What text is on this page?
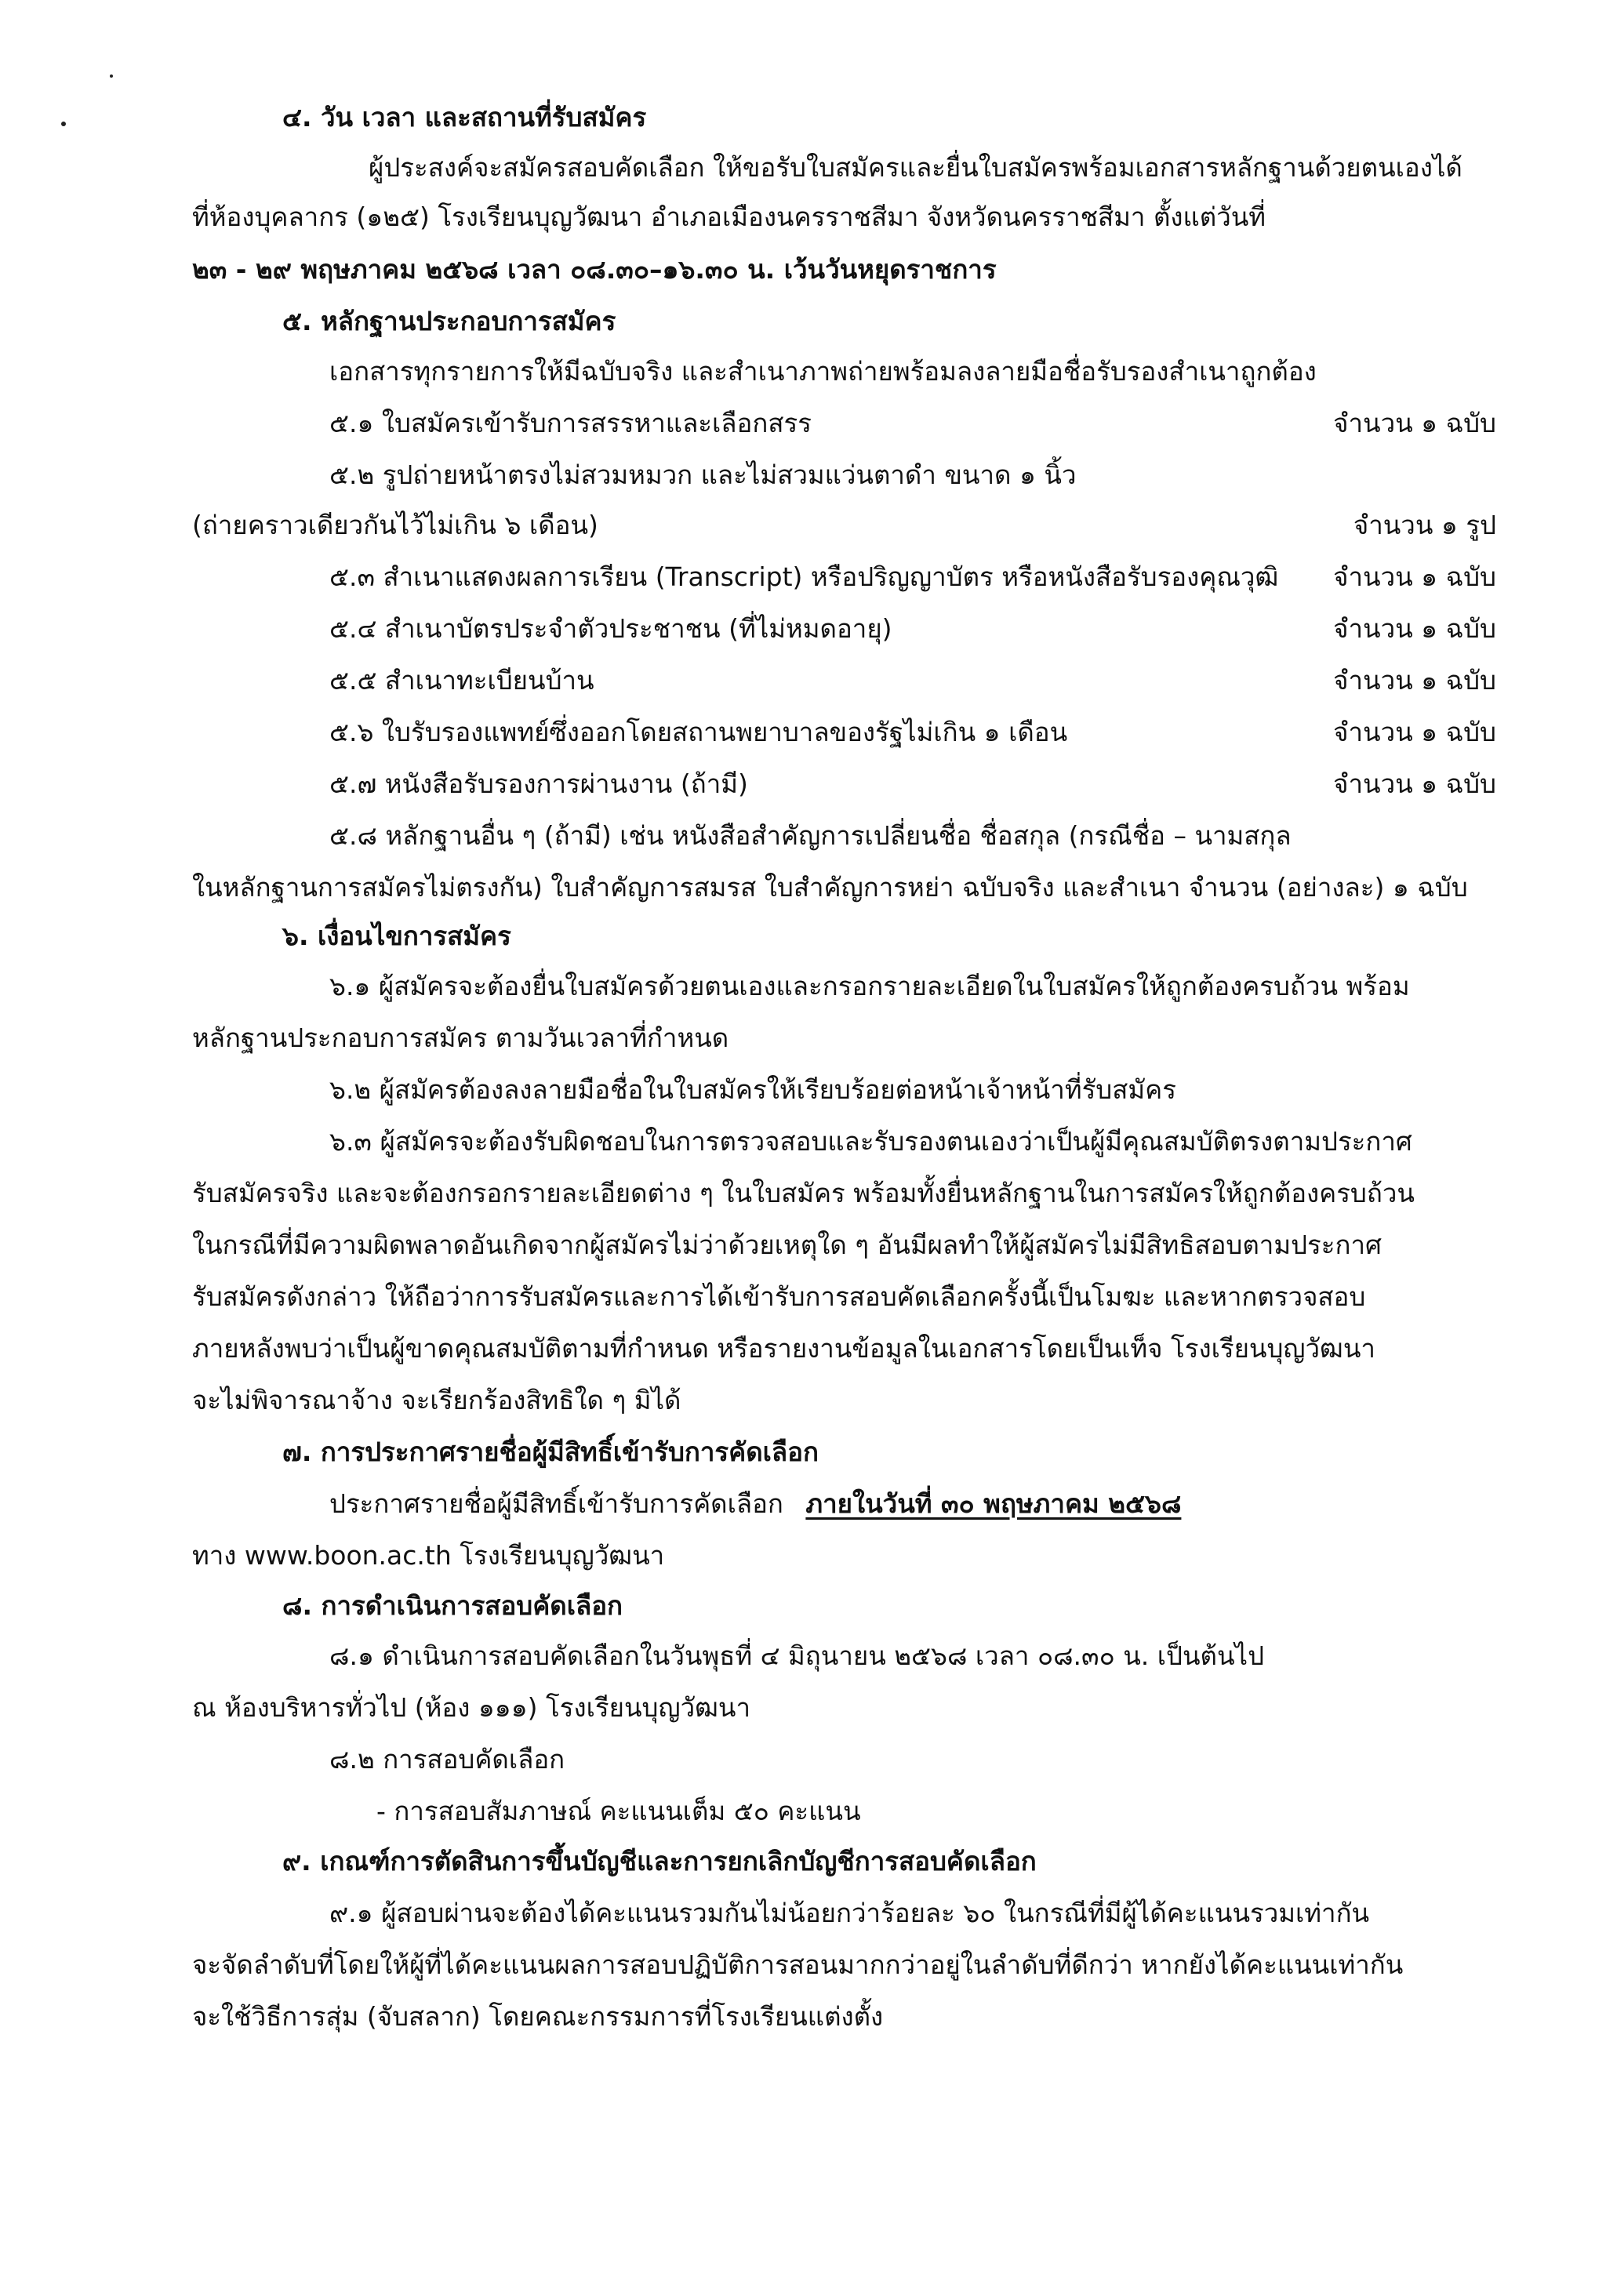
๔. วัน เวลา และสถานที่รับสมัคร
ผู้ประสงค์จะสมัครสอบคัดเลือก ให้ขอรับใบสมัครและยื่นใบสมัครพร้อมเอกสารหลักฐานด้วยตนเองได้
ที่ห้องบุคลากร (๑๒๕) โรงเรียนบุญวัฒนา อำเภอเมืองนครราชสีมา จังหวัดนครราชสีมา ตั้งแต่วันที่
๒๓ - ๒๙ พฤษภาคม ๒๕๖๘ เวลา ๐๘.๓๐–๑๖.๓๐ น. เว้นวันหยุดราชการ
๕. หลักฐานประกอบการสมัคร
เอกสารทุกรายการให้มีฉบับจริง และสำเนาภาพถ่ายพร้อมลงลายมือชื่อรับรองสำเนาถูกต้อง
๕.๑ ใบสมัครเข้ารับการสรรหาและเลือกสรร	จำนวน ๑ ฉบับ
๕.๒ รูปถ่ายหน้าตรงไม่สวมหมวก และไม่สวมแว่นตาดำ ขนาด ๑ นิ้ว
(ถ่ายคราวเดียวกันไว้ไม่เกิน ๖ เดือน)	จำนวน ๑ รูป
๕.๓ สำเนาแสดงผลการเรียน (Transcript) หรือปริญญาบัตร หรือหนังสือรับรองคุณวุฒิ จำนวน ๑ ฉบับ
๕.๔ สำเนาบัตรประจำตัวประชาชน (ที่ไม่หมดอายุ)	จำนวน ๑ ฉบับ
๕.๕ สำเนาทะเบียนบ้าน	จำนวน ๑ ฉบับ
๕.๖ ใบรับรองแพทย์ซึ่งออกโดยสถานพยาบาลของรัฐไม่เกิน ๑ เดือน	จำนวน ๑ ฉบับ
๕.๗ หนังสือรับรองการผ่านงาน (ถ้ามี)	จำนวน ๑ ฉบับ
๕.๘ หลักฐานอื่น ๆ (ถ้ามี) เช่น หนังสือสำคัญการเปลี่ยนชื่อ ชื่อสกุล (กรณีชื่อ – นามสกุล
ในหลักฐานการสมัครไม่ตรงกัน) ใบสำคัญการสมรส ใบสำคัญการหย่า ฉบับจริง และสำเนา จำนวน (อย่างละ) ๑ ฉบับ
๖. เงื่อนไขการสมัคร
๖.๑ ผู้สมัครจะต้องยื่นใบสมัครด้วยตนเองและกรอกรายละเอียดในใบสมัครให้ถูกต้องครบถ้วน พร้อม
หลักฐานประกอบการสมัคร ตามวันเวลาที่กำหนด
๖.๒ ผู้สมัครต้องลงลายมือชื่อในใบสมัครให้เรียบร้อยต่อหน้าเจ้าหน้าที่รับสมัคร
๖.๓ ผู้สมัครจะต้องรับผิดชอบในการตรวจสอบและรับรองตนเองว่าเป็นผู้มีคุณสมบัติตรงตามประกาศ
รับสมัครจริง และจะต้องกรอกรายละเอียดต่าง ๆ ในใบสมัคร พร้อมทั้งยื่นหลักฐานในการสมัครให้ถูกต้องครบถ้วน
ในกรณีที่มีความผิดพลาดอันเกิดจากผู้สมัครไม่ว่าด้วยเหตุใด ๆ อันมีผลทำให้ผู้สมัครไม่มีสิทธิสอบตามประกาศ
รับสมัครดังกล่าว ให้ถือว่าการรับสมัครและการได้เข้ารับการสอบคัดเลือกครั้งนี้เป็นโมฆะ และหากตรวจสอบ
ภายหลังพบว่าเป็นผู้ขาดคุณสมบัติตามที่กำหนด หรือรายงานข้อมูลในเอกสารโดยเป็นเท็จ โรงเรียนบุญวัฒนา
จะไม่พิจารณาจ้าง จะเรียกร้องสิทธิใด ๆ มิได้
๗. การประกาศรายชื่อผู้มีสิทธิ์เข้ารับการคัดเลือก
ประกาศรายชื่อผู้มีสิทธิ์เข้ารับการคัดเลือก ภายในวันที่ ๓๐ พฤษภาคม ๒๕๖๘
ทาง www.boon.ac.th โรงเรียนบุญวัฒนา
๘. การดำเนินการสอบคัดเลือก
๘.๑ ดำเนินการสอบคัดเลือกในวันพุธที่ ๔ มิถุนายน ๒๕๖๘ เวลา ๐๘.๓๐ น. เป็นต้นไป
ณ ห้องบริหารทั่วไป (ห้อง ๑๑๑) โรงเรียนบุญวัฒนา
๘.๒ การสอบคัดเลือก
- การสอบสัมภาษณ์ คะแนนเต็ม ๕๐ คะแนน
๙. เกณฑ์การตัดสินการขึ้นบัญชีและการยกเลิกบัญชีการสอบคัดเลือก
๙.๑ ผู้สอบผ่านจะต้องได้คะแนนรวมกันไม่น้อยกว่าร้อยละ ๖๐ ในกรณีที่มีผู้ได้คะแนนรวมเท่ากัน
จะจัดลำดับที่โดยให้ผู้ที่ได้คะแนนผลการสอบปฏิบัติการสอนมากกว่าอยู่ในลำดับที่ดีกว่า หากยังได้คะแนนเท่ากัน
จะใช้วิธีการสุ่ม (จับสลาก) โดยคณะกรรมการที่โรงเรียนแต่งตั้ง
